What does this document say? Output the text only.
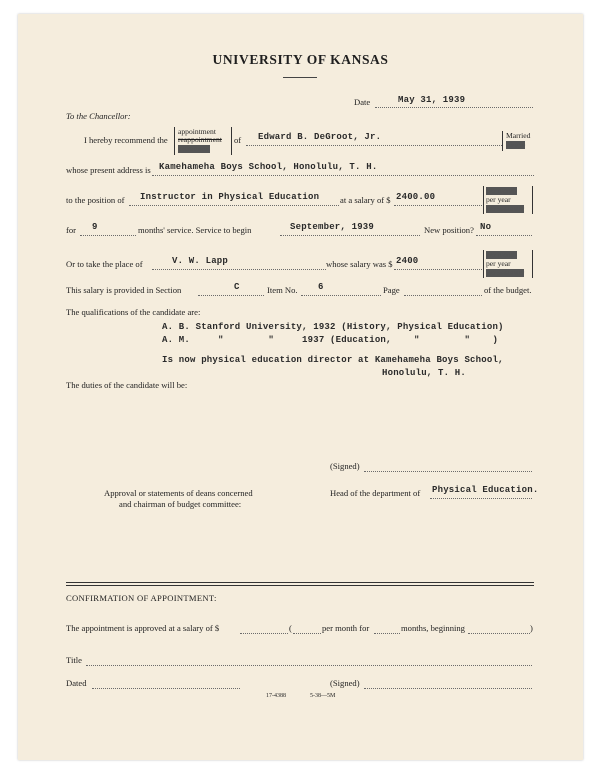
UNIVERSITY OF KANSAS
Date	May 31, 1939
To the Chancellor:
I hereby recommend the
appointment
reappointment
promotion
of Edward B. DeGroot, Jr.	Married
Single
whose present address is Kamehameha Boys School, Honolulu, T. H.
to the position of Instructor in Physical Education at a salary of $ 2400.00
per month
per year
per semester
for 9	months' service. Service to begin	September, 1939	New position? No
Or to take the place of	V. W. Lapp	whose salary was $ 2400
per month
per year
per semester
This salary is provided in Section	C	Item No. 6	Page	of the budget.
The qualifications of the candidate are:
A. B. Stanford University, 1932 (History, Physical Education)
A. M.     "        "     1937 (Education,    "        "    )
Is now physical education director at Kamehameha Boys School,
Honolulu, T. H.
The duties of the candidate will be:
(Signed)
Approval or statements of deans concerned
and chairman of budget committee:
Head of the department of Physical Education.
CONFIRMATION OF APPOINTMENT:
The appointment is approved at a salary of $	(	per month for	months, beginning	)
Title
Dated	(Signed)
17-4388	5-38—5M
